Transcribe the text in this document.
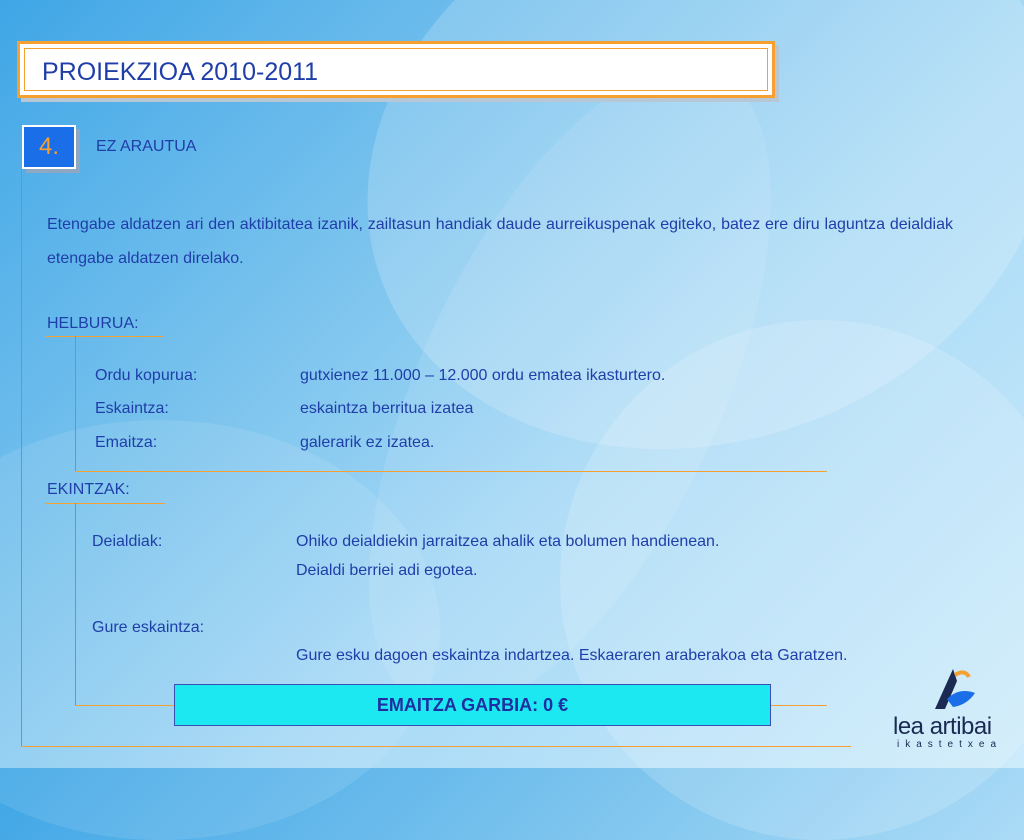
PROIEKZIOA 2010-2011
4.	EZ ARAUTUA
Etengabe aldatzen ari den aktibitatea izanik, zailtasun handiak daude aurreikuspenak egiteko, batez ere diru laguntza deialdiak etengabe aldatzen direlako.
HELBURUA:
Ordu kopurua:	gutxienez 11.000 – 12.000 ordu ematea ikasturtero.
Eskaintza:	eskaintza berritua izatea
Emaitza:	galerarik ez izatea.
EKINTZAK:
Deialdiak:	Ohiko deialdiekin jarraitzea ahalik eta bolumen handienean.
Deialdi berriei adi egotea.
Gure eskaintza:
Gure esku dagoen eskaintza indartzea. Eskaeraren araberakoa eta Garatzen.
EMAITZA GARBIA: 0 €
lea artibai
ikastetxea
